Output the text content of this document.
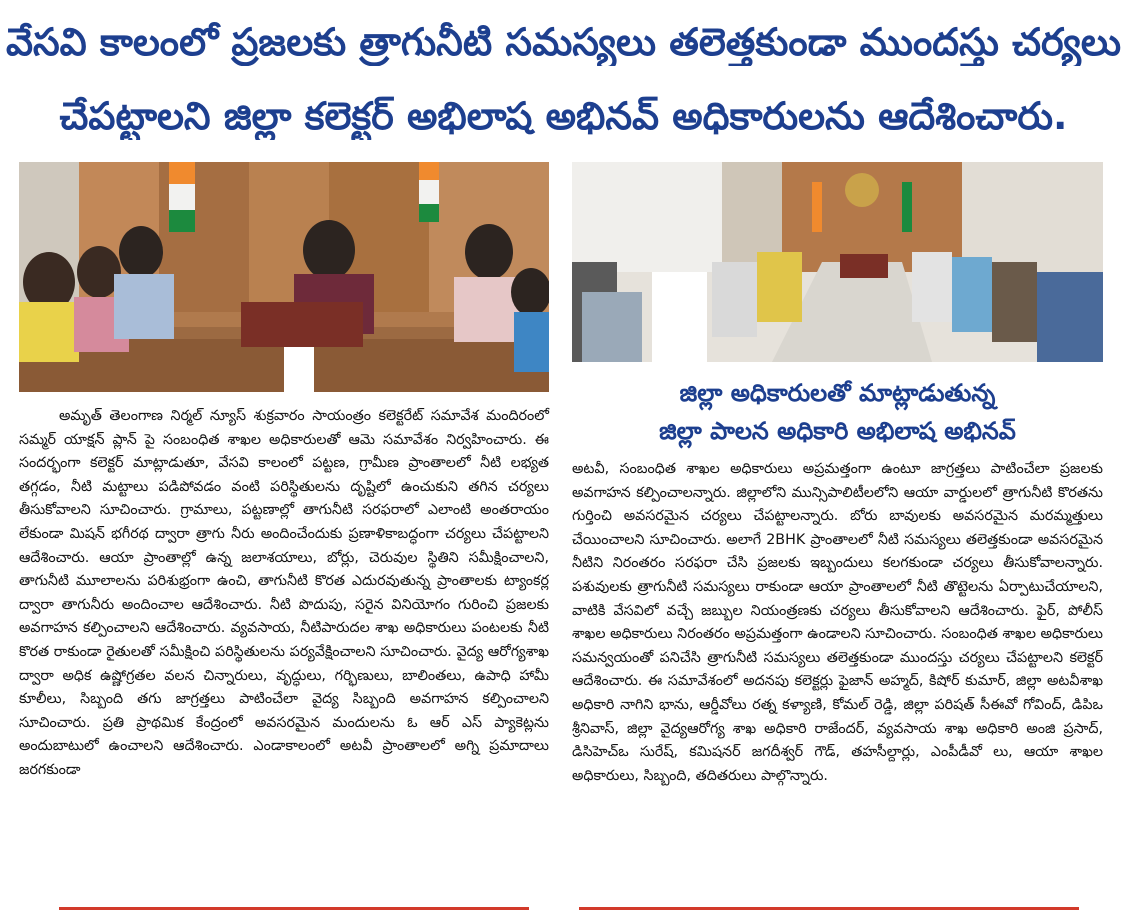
వేసవి కాలంలో ప్రజలకు త్రాగునీటి సమస్యలు తలెత్తకుండా ముందస్తు చర్యలు
చేపట్టాలని జిల్లా కలెక్టర్ అభిలాష అభినవ్ అధికారులను ఆదేశించారు.
జిల్లా అధికారులతో మాట్లాడుతున్న
జిల్లా పాలన అధికారి అభిలాష అభినవ్

అమృత్ తెలంగాణ నిర్మల్ న్యూస్ శుక్రవారం సాయంత్రం కలెక్టరేట్ సమావేశ మందిరంలో సమ్మర్ యాక్షన్ ప్లాన్ పై సంబంధిత శాఖల అధికారులతో ఆమె సమావేశం నిర్వహించారు. ఈ సందర్భంగా కలెక్టర్ మాట్లాడుతూ, వేసవి కాలంలో పట్టణ, గ్రామీణ ప్రాంతాలలో నీటి లభ్యత తగ్గడం, నీటి మట్టాలు పడిపోవడం వంటి పరిస్థితులను దృష్టిలో ఉంచుకుని తగిన చర్యలు తీసుకోవాలని సూచించారు. గ్రామాలు, పట్టణాల్లో తాగునీటి సరఫరాలో ఎలాంటి అంతరాయం లేకుండా మిషన్ భగీరథ ద్వారా త్రాగు నీరు అందించేందుకు ప్రణాళికాబద్ధంగా చర్యలు చేపట్టాలని ఆదేశించారు. ఆయా ప్రాంతాల్లో ఉన్న జలాశయాలు, బోర్లు, చెరువుల స్థితిని సమీక్షించాలని, తాగునీటి మూలాలను పరిశుభ్రంగా ఉంచి, తాగునీటి కొరత ఎదురవుతున్న ప్రాంతాలకు ట్యాంకర్ల ద్వారా తాగునీరు అందించాల ఆదేశించారు. నీటి పొదుపు, సరైన వినియోగం గురించి ప్రజలకు అవగాహన కల్పించాలని ఆదేశించారు. వ్యవసాయ, నీటిపారుదల శాఖ అధికారులు పంటలకు నీటి కొరత రాకుండా రైతులతో సమీక్షించి పరిస్థితులను పర్యవేక్షించాలని సూచించారు. వైద్య ఆరోగ్యశాఖ ద్వారా అధిక ఉష్ణోగ్రతల వలన చిన్నారులు, వృద్ధులు, గర్భిణులు, బాలింతలు, ఉపాధి హామీ కూలీలు, సిబ్బంది తగు జాగ్రత్తలు పాటించేలా వైద్య సిబ్బంది అవగాహన కల్పించాలని సూచించారు. ప్రతి ప్రాథమిక కేంద్రంలో అవసరమైన మందులను ఓ ఆర్ ఎస్ ప్యాకెట్లను అందుబాటులో ఉంచాలని ఆదేశించారు. ఎండాకాలంలో అటవీ ప్రాంతాలలో అగ్ని ప్రమాదాలు జరగకుండా

అటవీ, సంబంధిత శాఖల అధికారులు అప్రమత్తంగా ఉంటూ జాగ్రత్తలు పాటించేలా ప్రజలకు అవగాహన కల్పించాలన్నారు. జిల్లాలోని మున్సిపాలిటీలలోని ఆయా వార్డులలో త్రాగునీటి కొరతను గుర్తించి అవసరమైన చర్యలు చేపట్టాలన్నారు. బోరు బావులకు అవసరమైన మరమ్మత్తులు చేయించాలని సూచించారు. అలాగే 2BHK ప్రాంతాలలో నీటి సమస్యలు తలెత్తకుండా అవసరమైన నీటిని నిరంతరం సరఫరా చేసి ప్రజలకు ఇబ్బందులు కలగకుండా చర్యలు తీసుకోవాలన్నారు. పశువులకు త్రాగునీటి సమస్యలు రాకుండా ఆయా ప్రాంతాలలో నీటి తొట్టెలను ఏర్పాటుచేయాలని, వాటికి వేసవిలో వచ్చే జబ్బుల నియంత్రణకు చర్యలు తీసుకోవాలని ఆదేశించారు. ఫైర్, పోలీస్ శాఖల అధికారులు నిరంతరం అప్రమత్తంగా ఉండాలని సూచించారు. సంబంధిత శాఖల అధికారులు సమన్వయంతో పనిచేసి త్రాగునీటి సమస్యలు తలెత్తకుండా ముందస్తు చర్యలు చేపట్టాలని కలెక్టర్ ఆదేశించారు. ఈ సమావేశంలో అదనపు కలెక్టర్లు ఫైజాన్ అహ్మద్, కిషోర్ కుమార్, జిల్లా అటవీశాఖ అధికారి నాగిని భాను, ఆర్డీవోలు రత్న కళ్యాణి, కోమల్ రెడ్డి, జిల్లా పరిషత్ సీఈవో గోవింద్, డిపిఒ శ్రీనివాస్, జిల్లా వైద్యఆరోగ్య శాఖ అధికారి రాజేందర్, వ్యవసాయ శాఖ అధికారి అంజి ప్రసాద్, డిసిహెచ్ఒ సురేష్, కమిషనర్ జగదీశ్వర్ గౌడ్, తహసీల్దార్లు, ఎంపీడీవో లు, ఆయా శాఖల అధికారులు, సిబ్బంది, తదితరులు పాల్గొన్నారు.
